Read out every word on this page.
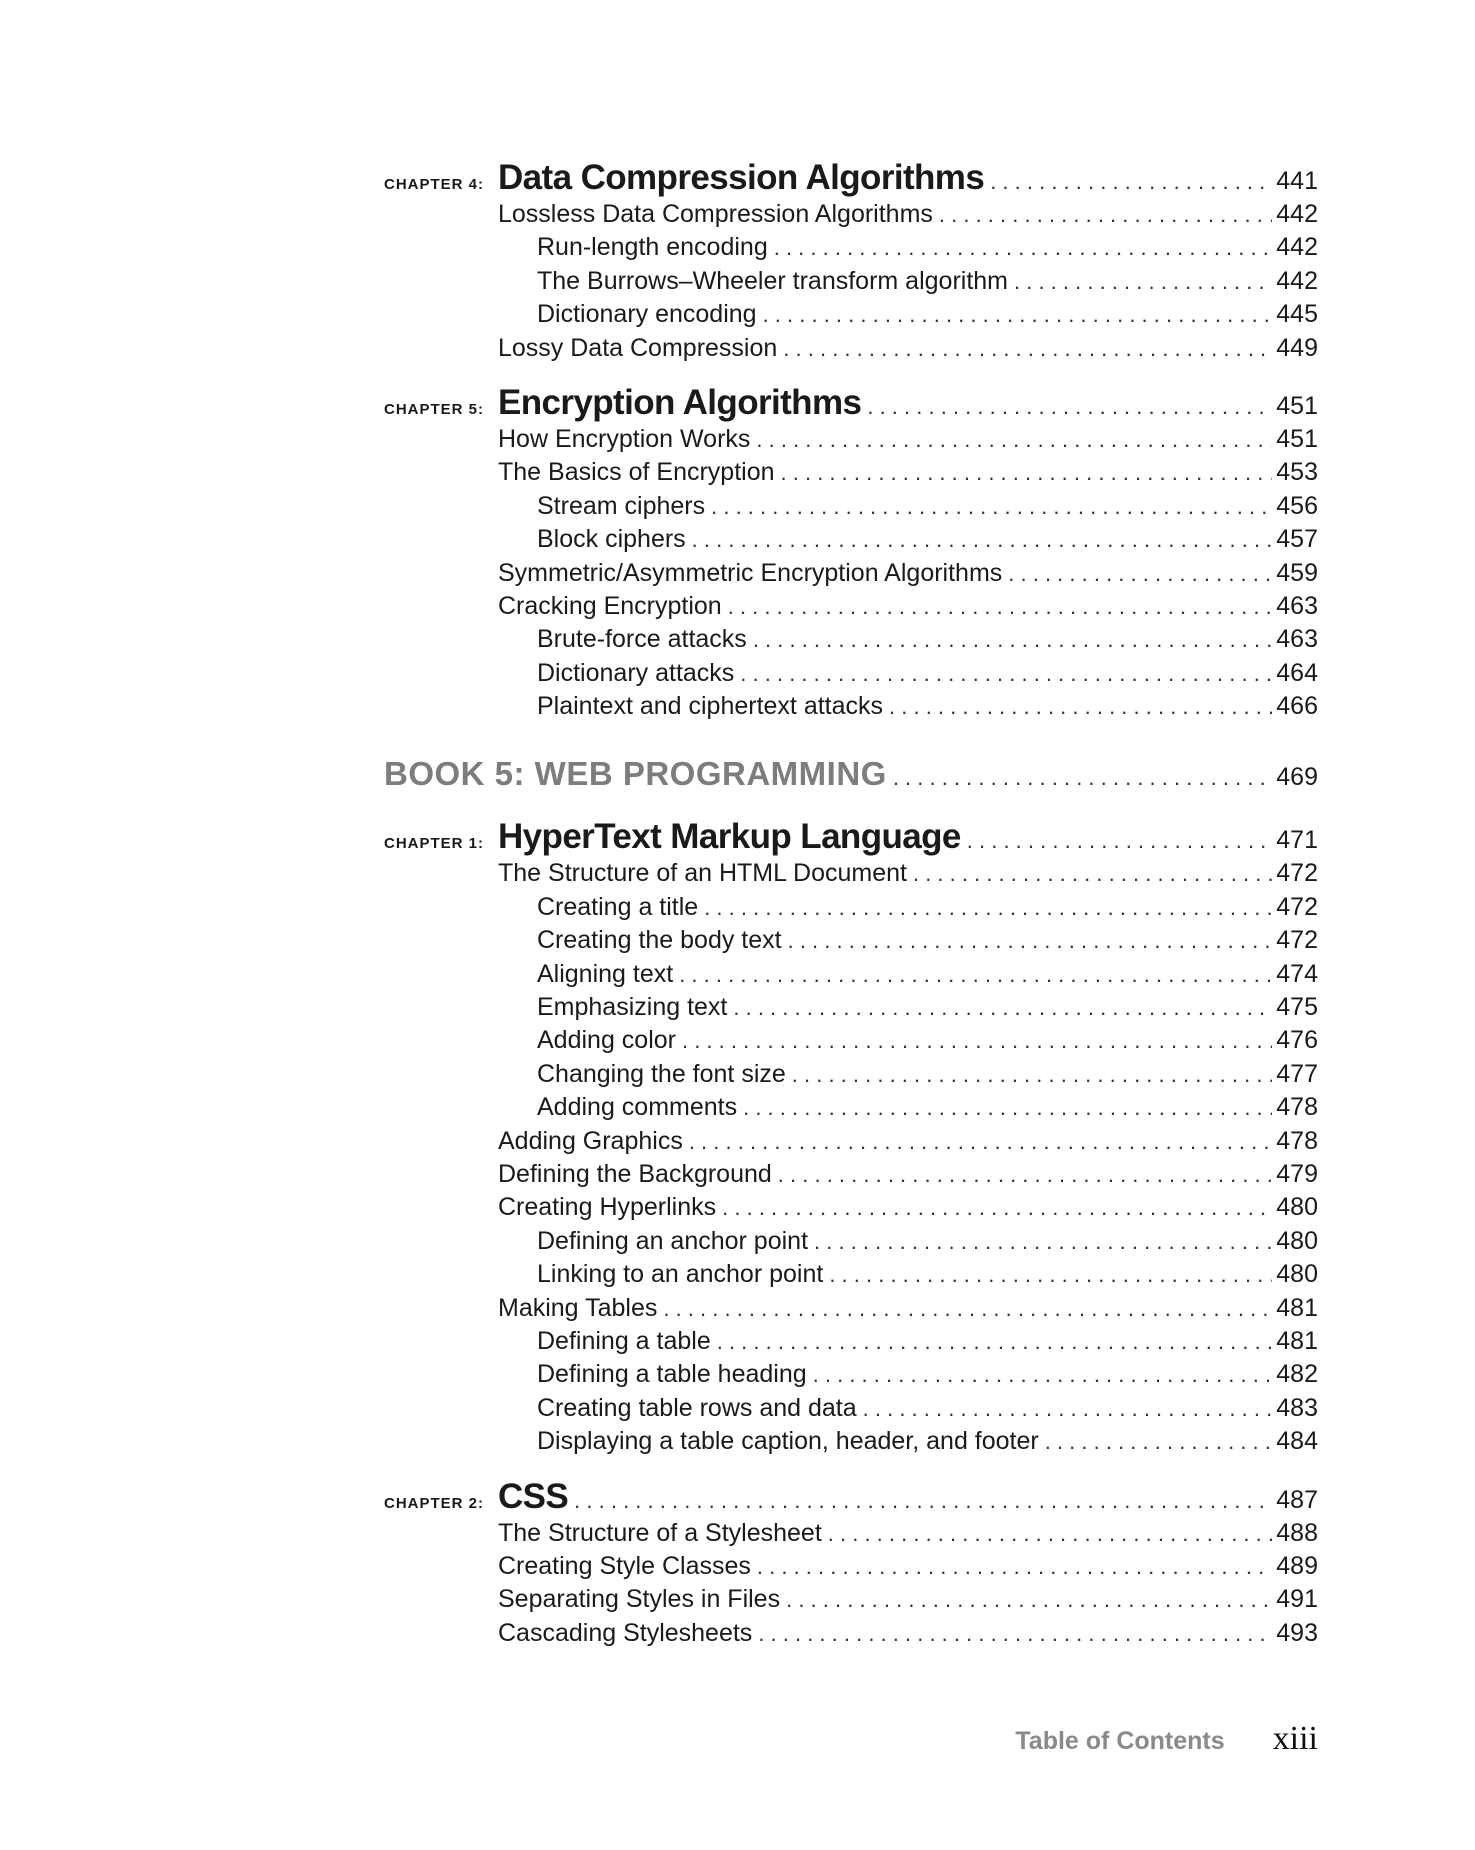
CHAPTER 4: Data Compression Algorithms . . .	441
Lossless Data Compression Algorithms . . .	442
Run-length encoding . . .	442
The Burrows–Wheeler transform algorithm . . .	442
Dictionary encoding . . .	445
Lossy Data Compression . . .	449
CHAPTER 5: Encryption Algorithms . . .	451
How Encryption Works . . .	451
The Basics of Encryption . . .	453
Stream ciphers . . .	456
Block ciphers . . .	457
Symmetric/Asymmetric Encryption Algorithms . . .	459
Cracking Encryption . . .	463
Brute-force attacks . . .	463
Dictionary attacks . . .	464
Plaintext and ciphertext attacks . . .	466
BOOK 5: WEB PROGRAMMING . . .	469
CHAPTER 1: HyperText Markup Language . . .	471
The Structure of an HTML Document . . .	472
Creating a title . . .	472
Creating the body text . . .	472
Aligning text . . .	474
Emphasizing text . . .	475
Adding color . . .	476
Changing the font size . . .	477
Adding comments . . .	478
Adding Graphics . . .	478
Defining the Background . . .	479
Creating Hyperlinks . . .	480
Defining an anchor point . . .	480
Linking to an anchor point . . .	480
Making Tables . . .	481
Defining a table . . .	481
Defining a table heading . . .	482
Creating table rows and data . . .	483
Displaying a table caption, header, and footer . . .	484
CHAPTER 2: CSS . . .	487
The Structure of a Stylesheet . . .	488
Creating Style Classes . . .	489
Separating Styles in Files . . .	491
Cascading Stylesheets . . .	493
Table of Contents xiii
